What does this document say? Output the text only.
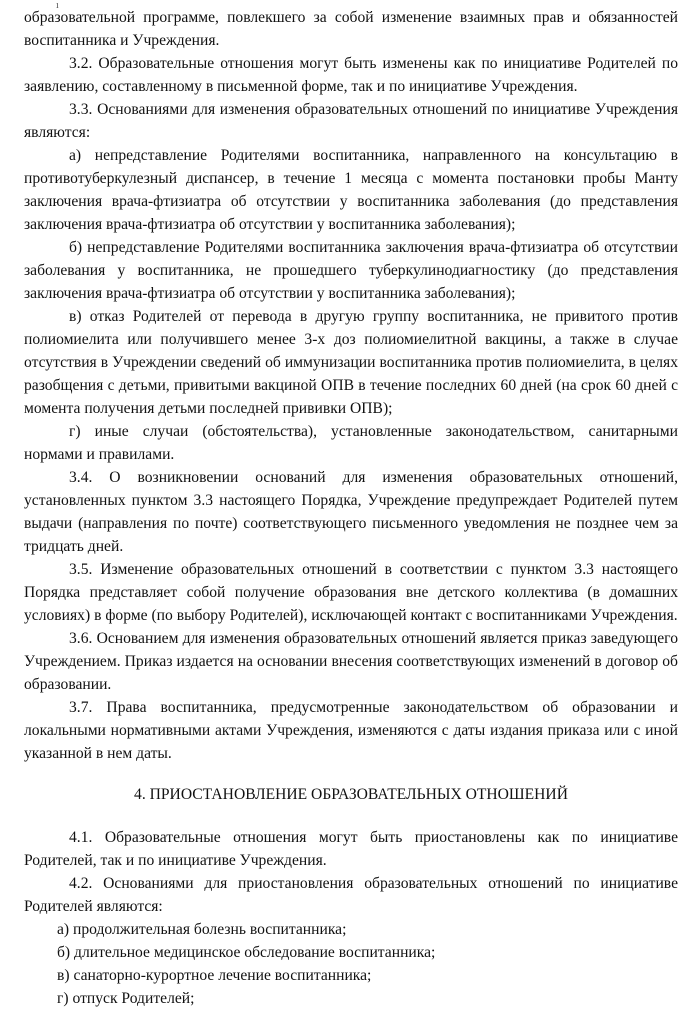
ı

образовательной программе, повлекшего за собой изменение взаимных прав и обязанностей воспитанника и Учреждения.

3.2. Образовательные отношения могут быть изменены как по инициативе Родителей по заявлению, составленному в письменной форме, так и по инициативе Учреждения.

3.3. Основаниями для изменения образовательных отношений по инициативе Учреждения являются:

а) непредставление Родителями воспитанника, направленного на консультацию в противотуберкулезный диспансер, в течение 1 месяца с момента постановки пробы Манту заключения врача-фтизиатра об отсутствии у воспитанника заболевания (до представления заключения врача-фтизиатра об отсутствии у воспитанника заболевания);

б) непредставление Родителями воспитанника заключения врача-фтизиатра об отсутствии заболевания у воспитанника, не прошедшего туберкулинодиагностику (до представления заключения врача-фтизиатра об отсутствии у воспитанника заболевания);

в) отказ Родителей от перевода в другую группу воспитанника, не привитого против полиомиелита или получившего менее 3-х доз полиомиелитной вакцины, а также в случае отсутствия в Учреждении сведений об иммунизации воспитанника против полиомиелита, в целях разобщения с детьми, привитыми вакциной ОПВ в течение последних 60 дней (на срок 60 дней с момента получения детьми последней прививки ОПВ);

г) иные случаи (обстоятельства), установленные законодательством, санитарными нормами и правилами.

3.4. О возникновении оснований для изменения образовательных отношений, установленных пунктом 3.3 настоящего Порядка, Учреждение предупреждает Родителей путем выдачи (направления по почте) соответствующего письменного уведомления не позднее чем за тридцать дней.

3.5. Изменение образовательных отношений в соответствии с пунктом 3.3 настоящего Порядка представляет собой получение образования вне детского коллектива (в домашних условиях) в форме (по выбору Родителей), исключающей контакт с воспитанниками Учреждения.

3.6. Основанием для изменения образовательных отношений является приказ заведующего Учреждением. Приказ издается на основании внесения соответствующих изменений в договор об образовании.

3.7. Права воспитанника, предусмотренные законодательством об образовании и локальными нормативными актами Учреждения, изменяются с даты издания приказа или с иной указанной в нем даты.

4. ПРИОСТАНОВЛЕНИЕ ОБРАЗОВАТЕЛЬНЫХ ОТНОШЕНИЙ

4.1. Образовательные отношения могут быть приостановлены как по инициативе Родителей, так и по инициативе Учреждения.

4.2. Основаниями для приостановления образовательных отношений по инициативе Родителей являются:

а) продолжительная болезнь воспитанника;

б) длительное медицинское обследование воспитанника;

в) санаторно-курортное лечение воспитанника;

г) отпуск Родителей;
